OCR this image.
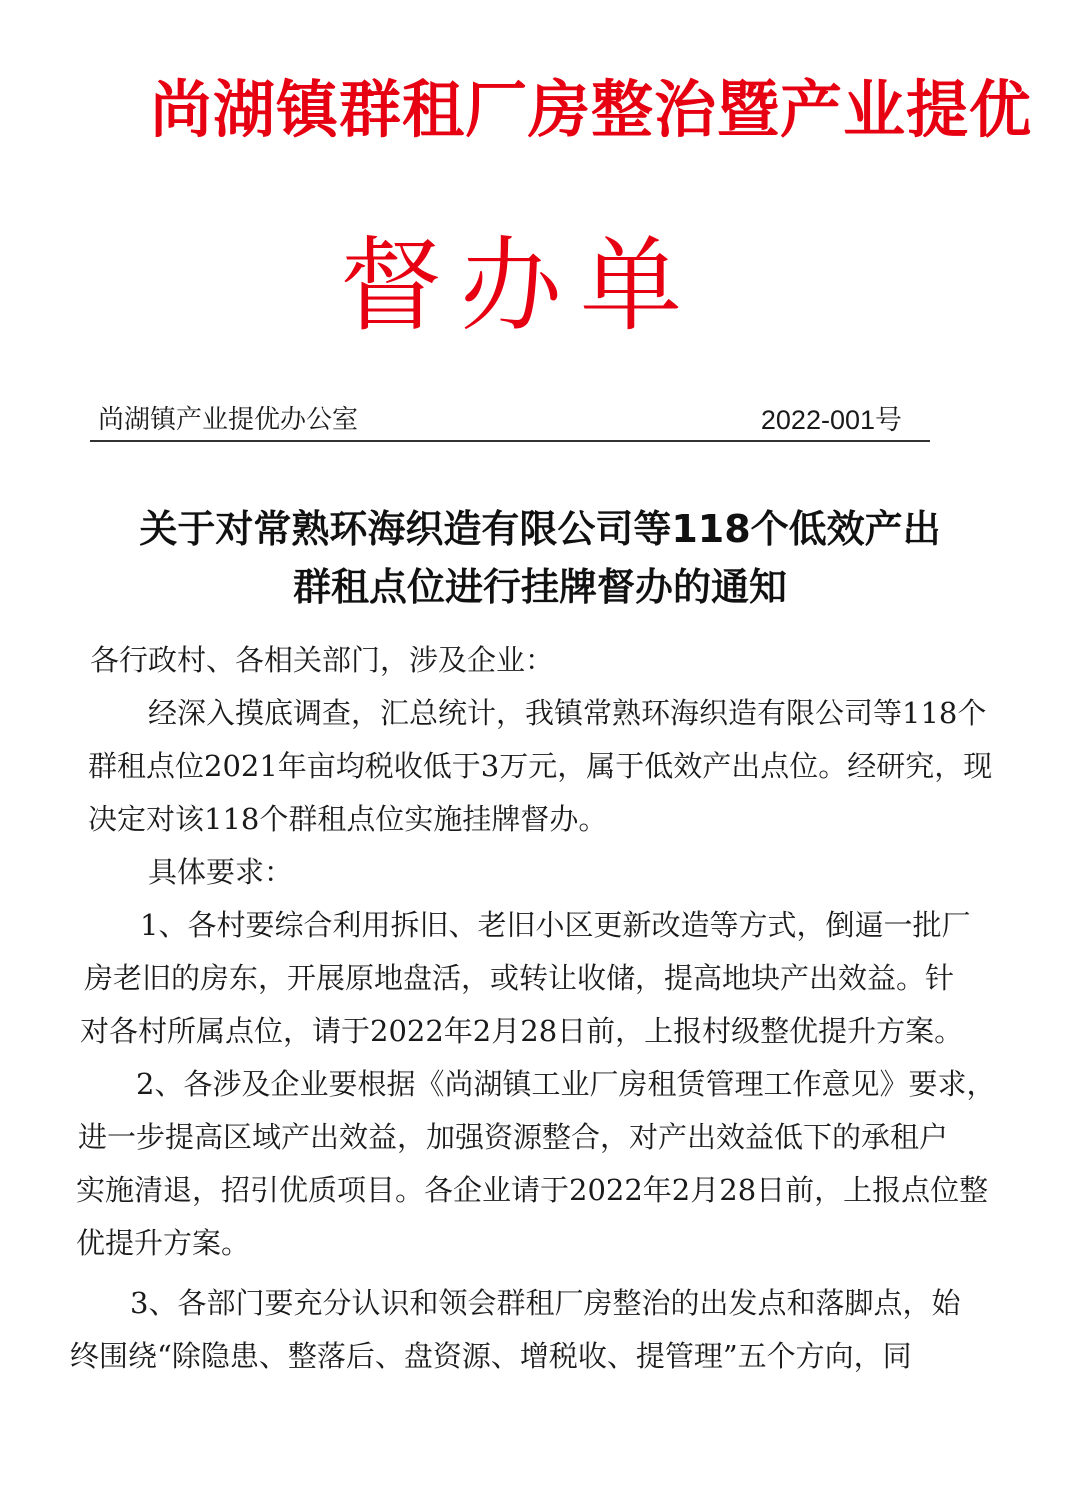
尚湖镇群租厂房整治暨产业提优
督办单
尚湖镇产业提优办公室	2022-001号
关于对常熟环海织造有限公司等118个低效产出
群租点位进行挂牌督办的通知
各行政村、各相关部门，涉及企业：
经深入摸底调查，汇总统计，我镇常熟环海织造有限公司等118个
群租点位2021年亩均税收低于3万元，属于低效产出点位。经研究，现
决定对该118个群租点位实施挂牌督办。
具体要求：
1、各村要综合利用拆旧、老旧小区更新改造等方式，倒逼一批厂
房老旧的房东，开展原地盘活，或转让收储，提高地块产出效益。针
对各村所属点位，请于2022年2月28日前，上报村级整优提升方案。
2、各涉及企业要根据《尚湖镇工业厂房租赁管理工作意见》要求，
进一步提高区域产出效益，加强资源整合，对产出效益低下的承租户
实施清退，招引优质项目。各企业请于2022年2月28日前，上报点位整
优提升方案。
3、各部门要充分认识和领会群租厂房整治的出发点和落脚点，始
终围绕“除隐患、整落后、盘资源、增税收、提管理”五个方向，同
